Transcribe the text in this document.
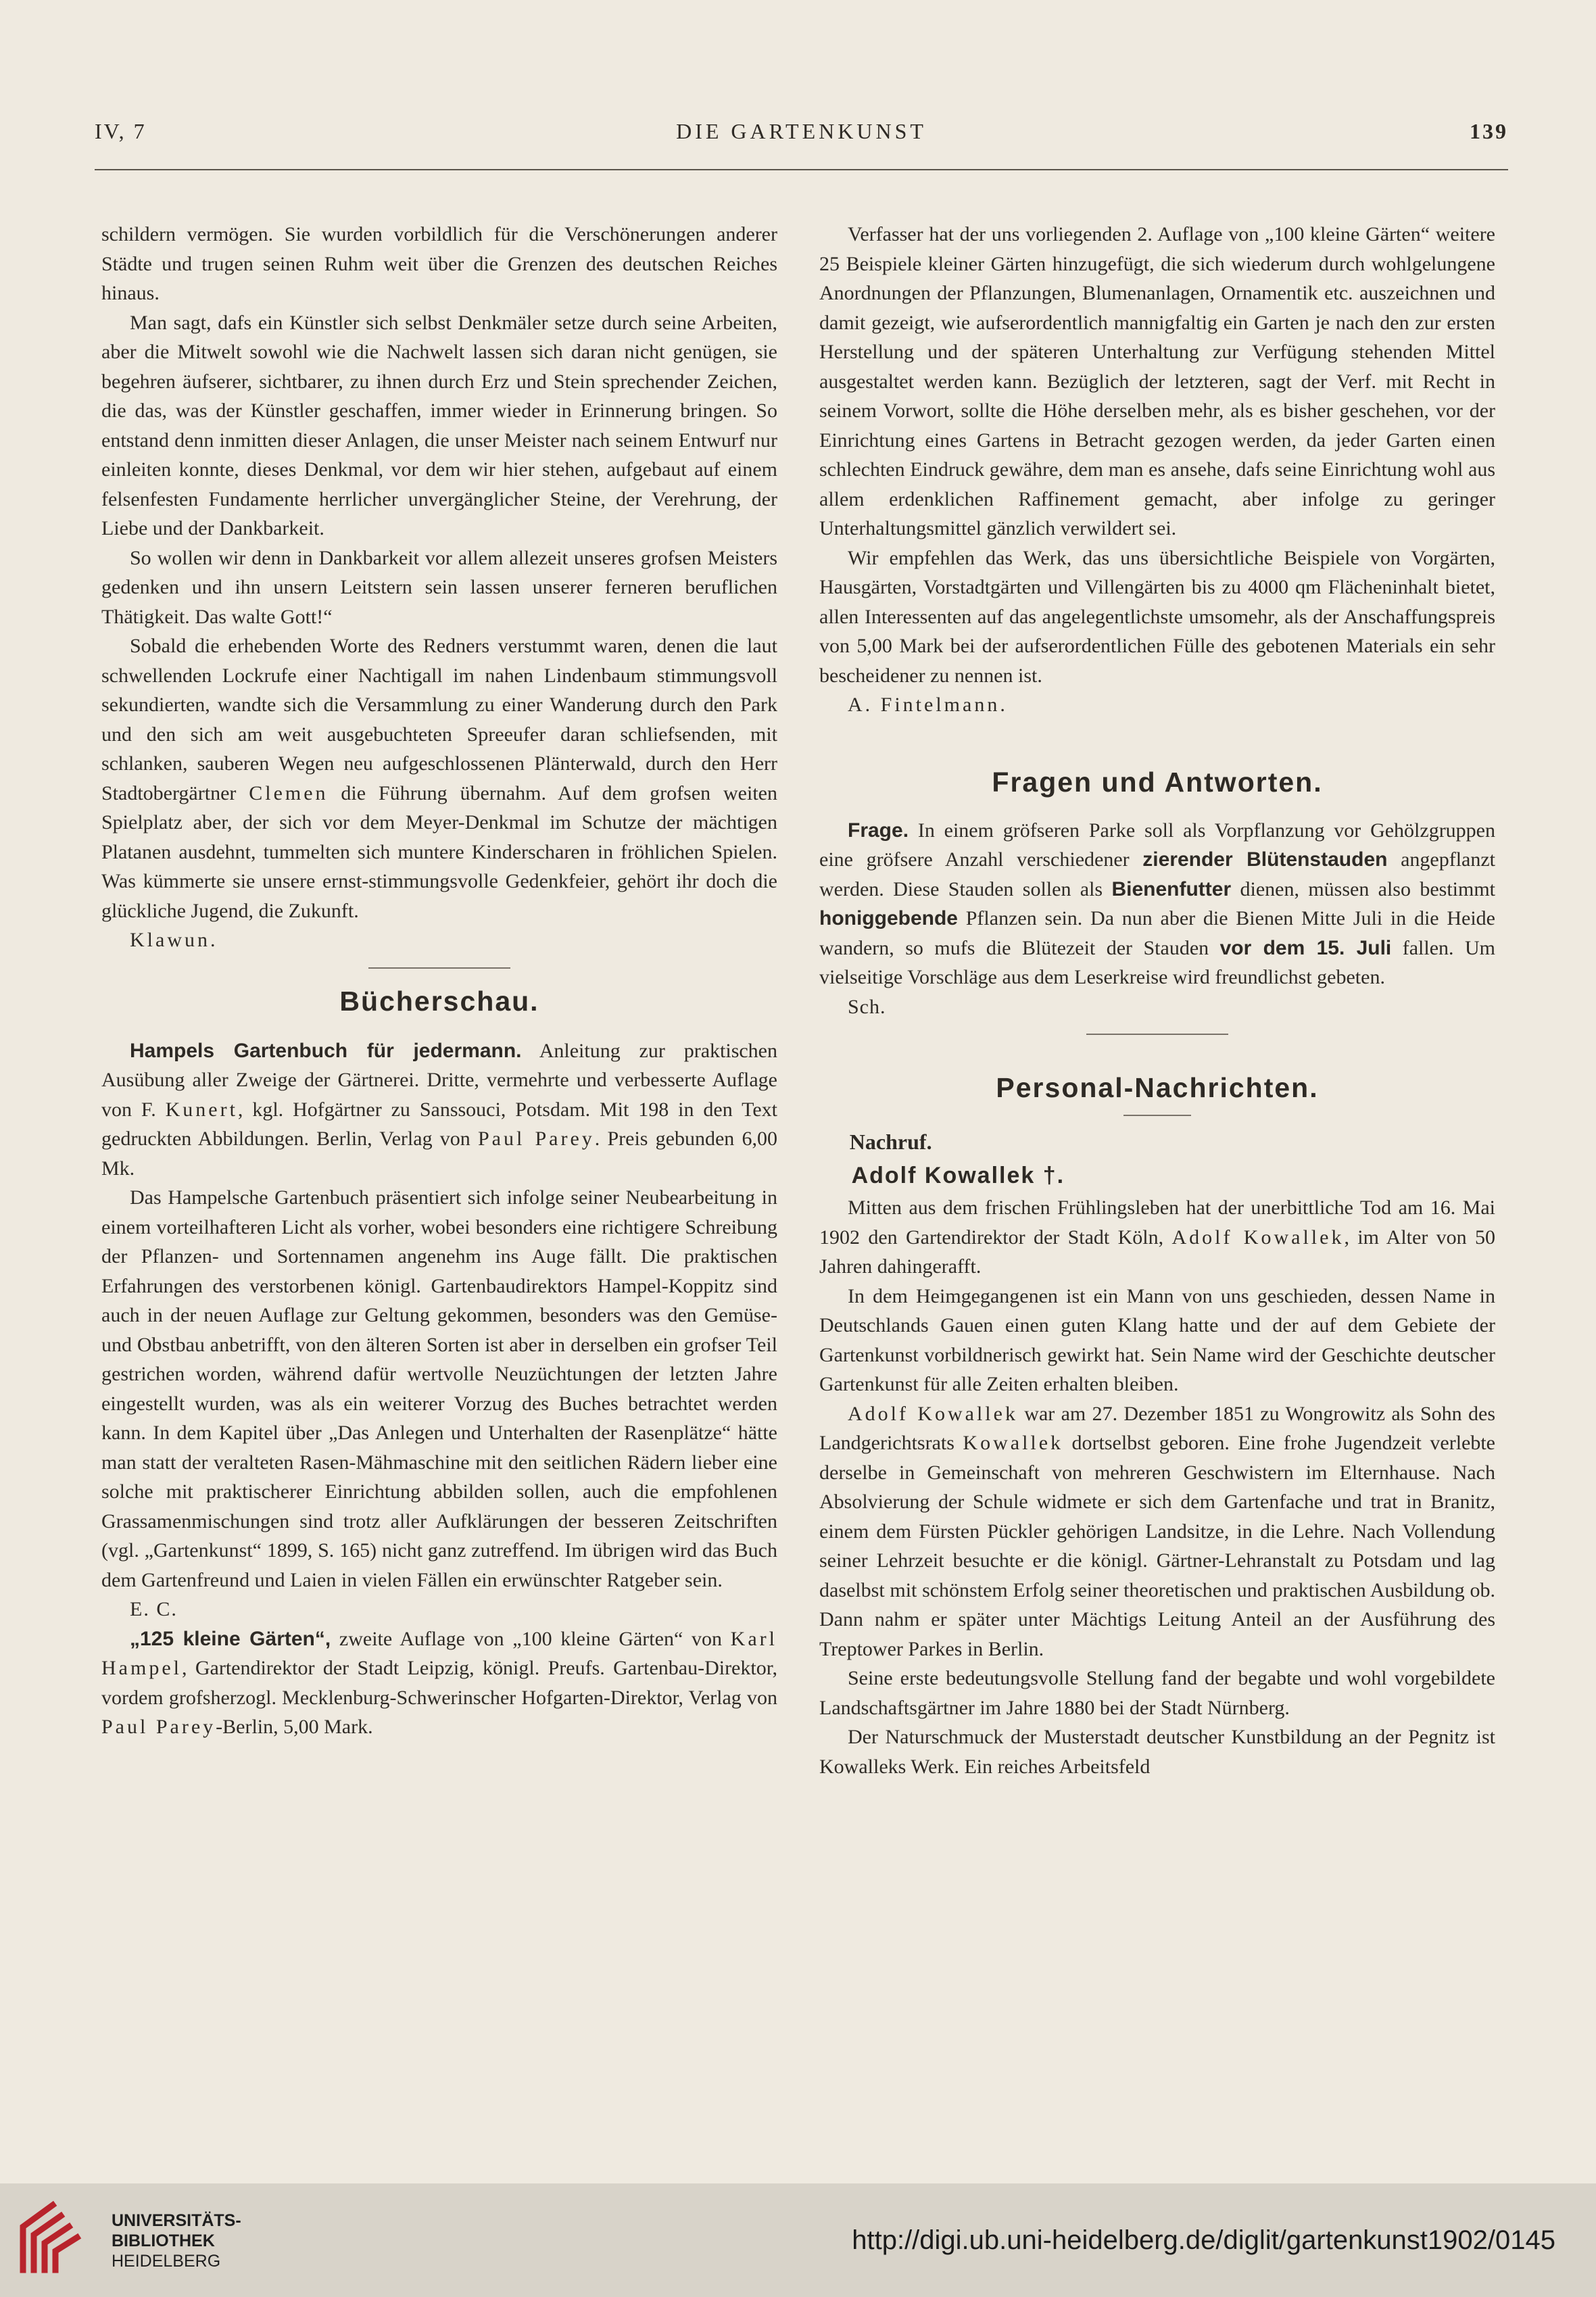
IV, 7	DIE GARTENKUNST	139

schildern vermögen. Sie wurden vorbildlich für die Verschönerungen anderer Städte und trugen seinen Ruhm weit über die Grenzen des deutschen Reiches hinaus.

Man sagt, dafs ein Künstler sich selbst Denkmäler setze durch seine Arbeiten, aber die Mitwelt sowohl wie die Nachwelt lassen sich daran nicht genügen, sie begehren äufserer, sichtbarer, zu ihnen durch Erz und Stein sprechender Zeichen, die das, was der Künstler geschaffen, immer wieder in Erinnerung bringen. So entstand denn inmitten dieser Anlagen, die unser Meister nach seinem Entwurf nur einleiten konnte, dieses Denkmal, vor dem wir hier stehen, aufgebaut auf einem felsenfesten Fundamente herrlicher unvergänglicher Steine, der Verehrung, der Liebe und der Dankbarkeit.

So wollen wir denn in Dankbarkeit vor allem allezeit unseres grofsen Meisters gedenken und ihn unsern Leitstern sein lassen unserer ferneren beruflichen Thätigkeit. Das walte Gott!“

Sobald die erhebenden Worte des Redners verstummt waren, denen die laut schwellenden Lockrufe einer Nachtigall im nahen Lindenbaum stimmungsvoll sekundierten, wandte sich die Versammlung zu einer Wanderung durch den Park und den sich am weit ausgebuchteten Spreeufer daran schliefsenden, mit schlanken, sauberen Wegen neu aufgeschlossenen Plänterwald, durch den Herr Stadtobergärtner Clemen die Führung übernahm. Auf dem grofsen weiten Spielplatz aber, der sich vor dem Meyer-Denkmal im Schutze der mächtigen Platanen ausdehnt, tummelten sich muntere Kinderscharen in fröhlichen Spielen. Was kümmerte sie unsere ernst-stimmungsvolle Gedenkfeier, gehört ihr doch die glückliche Jugend, die Zukunft.

Klawun.

Bücherschau.

Hampels Gartenbuch für jedermann. Anleitung zur praktischen Ausübung aller Zweige der Gärtnerei. Dritte, vermehrte und verbesserte Auflage von F. Kunert, kgl. Hofgärtner zu Sanssouci, Potsdam. Mit 198 in den Text gedruckten Abbildungen. Berlin, Verlag von Paul Parey. Preis gebunden 6,00 Mk.

Das Hampelsche Gartenbuch präsentiert sich infolge seiner Neubearbeitung in einem vorteilhafteren Licht als vorher, wobei besonders eine richtigere Schreibung der Pflanzen- und Sortennamen angenehm ins Auge fällt. Die praktischen Erfahrungen des verstorbenen königl. Gartenbaudirektors Hampel-Koppitz sind auch in der neuen Auflage zur Geltung gekommen, besonders was den Gemüse- und Obstbau anbetrifft, von den älteren Sorten ist aber in derselben ein grofser Teil gestrichen worden, während dafür wertvolle Neuzüchtungen der letzten Jahre eingestellt wurden, was als ein weiterer Vorzug des Buches betrachtet werden kann. In dem Kapitel über „Das Anlegen und Unterhalten der Rasenplätze“ hätte man statt der veralteten Rasen-Mähmaschine mit den seitlichen Rädern lieber eine solche mit praktischerer Einrichtung abbilden sollen, auch die empfohlenen Grassamenmischungen sind trotz aller Aufklärungen der besseren Zeitschriften (vgl. „Gartenkunst“ 1899, S. 165) nicht ganz zutreffend. Im übrigen wird das Buch dem Gartenfreund und Laien in vielen Fällen ein erwünschter Ratgeber sein.

E. C.

„125 kleine Gärten“, zweite Auflage von „100 kleine Gärten“ von Karl Hampel, Gartendirektor der Stadt Leipzig, königl. Preufs. Gartenbau-Direktor, vordem grofsherzogl. Mecklenburg-Schwerinscher Hofgarten-Direktor, Verlag von Paul Parey-Berlin, 5,00 Mark.

Verfasser hat der uns vorliegenden 2. Auflage von „100 kleine Gärten“ weitere 25 Beispiele kleiner Gärten hinzugefügt, die sich wiederum durch wohlgelungene Anordnungen der Pflanzungen, Blumenanlagen, Ornamentik etc. auszeichnen und damit gezeigt, wie aufserordentlich mannigfaltig ein Garten je nach den zur ersten Herstellung und der späteren Unterhaltung zur Verfügung stehenden Mittel ausgestaltet werden kann. Bezüglich der letzteren, sagt der Verf. mit Recht in seinem Vorwort, sollte die Höhe derselben mehr, als es bisher geschehen, vor der Einrichtung eines Gartens in Betracht gezogen werden, da jeder Garten einen schlechten Eindruck gewähre, dem man es ansehe, dafs seine Einrichtung wohl aus allem erdenklichen Raffinement gemacht, aber infolge zu geringer Unterhaltungsmittel gänzlich verwildert sei.

Wir empfehlen das Werk, das uns übersichtliche Beispiele von Vorgärten, Hausgärten, Vorstadtgärten und Villengärten bis zu 4000 qm Flächeninhalt bietet, allen Interessenten auf das angelegentlichste umsomehr, als der Anschaffungspreis von 5,00 Mark bei der aufserordentlichen Fülle des gebotenen Materials ein sehr bescheidener zu nennen ist.

A. Fintelmann.

Fragen und Antworten.

Frage. In einem gröfseren Parke soll als Vorpflanzung vor Gehölzgruppen eine gröfsere Anzahl verschiedener zierender Blütenstauden angepflanzt werden. Diese Stauden sollen als Bienenfutter dienen, müssen also bestimmt honiggebende Pflanzen sein. Da nun aber die Bienen Mitte Juli in die Heide wandern, so mufs die Blütezeit der Stauden vor dem 15. Juli fallen. Um vielseitige Vorschläge aus dem Leserkreise wird freundlichst gebeten.

Sch.

Personal-Nachrichten.

Nachruf.

Adolf Kowallek †.

Mitten aus dem frischen Frühlingsleben hat der unerbittliche Tod am 16. Mai 1902 den Gartendirektor der Stadt Köln, Adolf Kowallek, im Alter von 50 Jahren dahingerafft.

In dem Heimgegangenen ist ein Mann von uns geschieden, dessen Name in Deutschlands Gauen einen guten Klang hatte und der auf dem Gebiete der Gartenkunst vorbildnerisch gewirkt hat. Sein Name wird der Geschichte deutscher Gartenkunst für alle Zeiten erhalten bleiben.

Adolf Kowallek war am 27. Dezember 1851 zu Wongrowitz als Sohn des Landgerichtsrats Kowallek dortselbst geboren. Eine frohe Jugendzeit verlebte derselbe in Gemeinschaft von mehreren Geschwistern im Elternhause. Nach Absolvierung der Schule widmete er sich dem Gartenfache und trat in Branitz, einem dem Fürsten Pückler gehörigen Landsitze, in die Lehre. Nach Vollendung seiner Lehrzeit besuchte er die königl. Gärtner-Lehranstalt zu Potsdam und lag daselbst mit schönstem Erfolg seiner theoretischen und praktischen Ausbildung ob. Dann nahm er später unter Mächtigs Leitung Anteil an der Ausführung des Treptower Parkes in Berlin.

Seine erste bedeutungsvolle Stellung fand der begabte und wohl vorgebildete Landschaftsgärtner im Jahre 1880 bei der Stadt Nürnberg.

Der Naturschmuck der Musterstadt deutscher Kunstbildung an der Pegnitz ist Kowalleks Werk. Ein reiches Arbeitsfeld

UNIVERSITÄTS-
BIBLIOTHEK
HEIDELBERG
http://digi.ub.uni-heidelberg.de/diglit/gartenkunst1902/0145
